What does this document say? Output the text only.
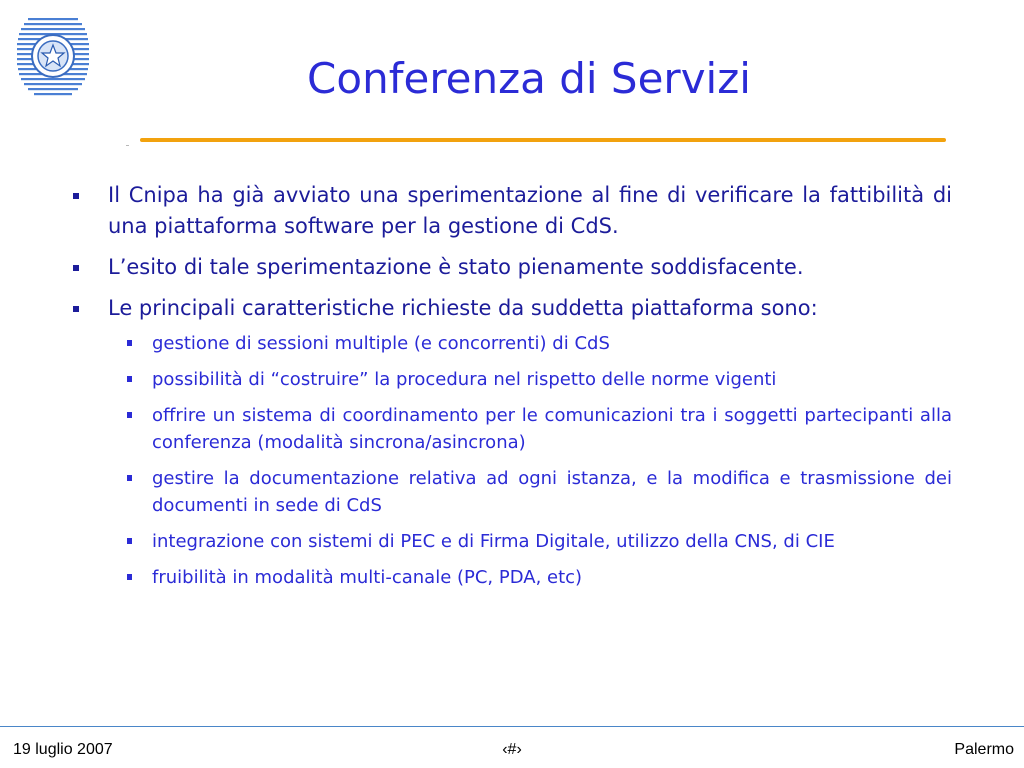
Conferenza di Servizi
Il Cnipa ha già avviato una sperimentazione al fine di verificare la fattibilità di una piattaforma software per la gestione di CdS.
L’esito di tale sperimentazione è stato pienamente soddisfacente.
Le principali caratteristiche richieste da suddetta piattaforma sono:
gestione di sessioni multiple (e concorrenti) di CdS
possibilità di “costruire” la procedura nel rispetto delle norme vigenti
offrire un sistema di coordinamento per le comunicazioni tra i soggetti partecipanti alla conferenza (modalità sincrona/asincrona)
gestire la documentazione relativa ad ogni istanza, e la modifica e trasmissione dei documenti in sede di CdS
integrazione con sistemi di PEC e di Firma Digitale, utilizzo della CNS, di CIE
fruibilità in modalità multi-canale (PC, PDA, etc)
19 luglio 2007	‹#›	Palermo
